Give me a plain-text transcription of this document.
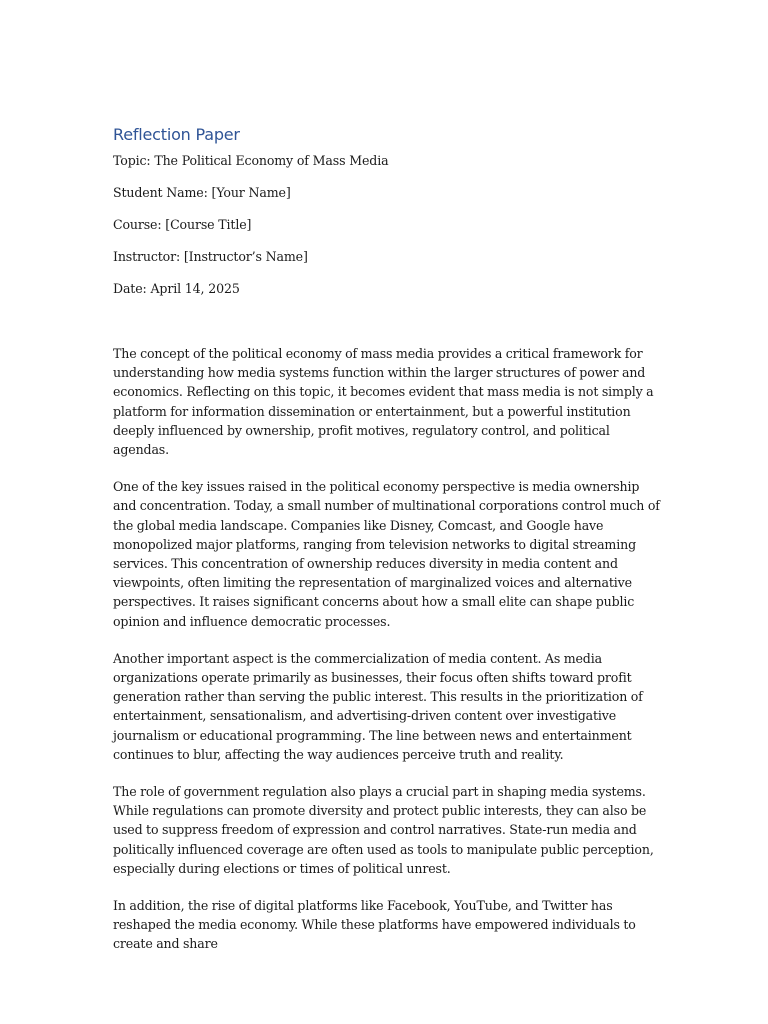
Reflection Paper

Topic: The Political Economy of Mass Media

Student Name: [Your Name]

Course: [Course Title]

Instructor: [Instructor’s Name]

Date: April 14, 2025

The concept of the political economy of mass media provides a critical framework for understanding how media systems function within the larger structures of power and economics. Reflecting on this topic, it becomes evident that mass media is not simply a platform for information dissemination or entertainment, but a powerful institution deeply influenced by ownership, profit motives, regulatory control, and political agendas.

One of the key issues raised in the political economy perspective is media ownership and concentration. Today, a small number of multinational corporations control much of the global media landscape. Companies like Disney, Comcast, and Google have monopolized major platforms, ranging from television networks to digital streaming services. This concentration of ownership reduces diversity in media content and viewpoints, often limiting the representation of marginalized voices and alternative perspectives. It raises significant concerns about how a small elite can shape public opinion and influence democratic processes.

Another important aspect is the commercialization of media content. As media organizations operate primarily as businesses, their focus often shifts toward profit generation rather than serving the public interest. This results in the prioritization of entertainment, sensationalism, and advertising-driven content over investigative journalism or educational programming. The line between news and entertainment continues to blur, affecting the way audiences perceive truth and reality.

The role of government regulation also plays a crucial part in shaping media systems. While regulations can promote diversity and protect public interests, they can also be used to suppress freedom of expression and control narratives. State-run media and politically influenced coverage are often used as tools to manipulate public perception, especially during elections or times of political unrest.

In addition, the rise of digital platforms like Facebook, YouTube, and Twitter has reshaped the media economy. While these platforms have empowered individuals to create and share
